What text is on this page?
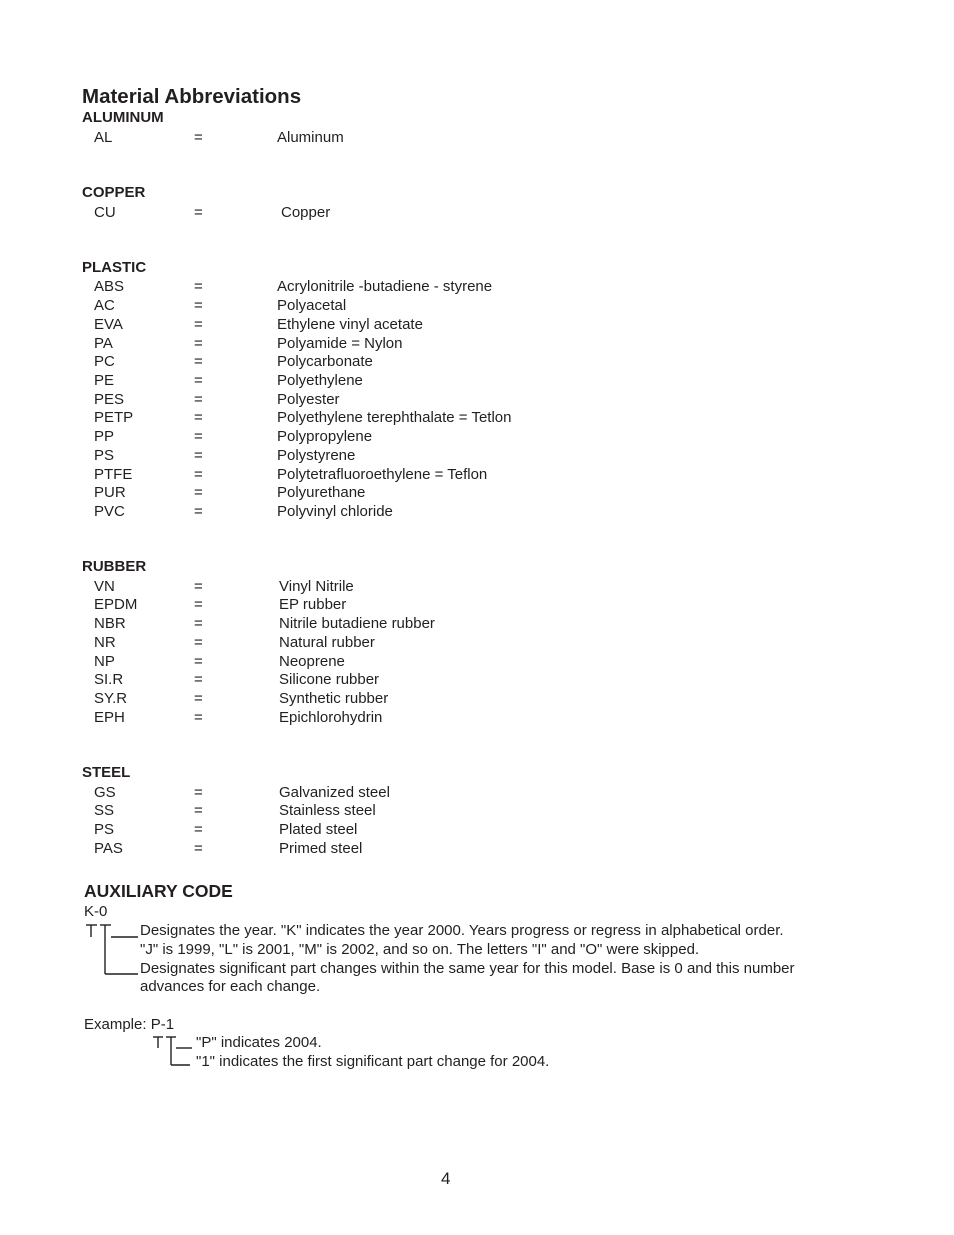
Material Abbreviations
ALUMINUM
AL	=	Aluminum
COPPER
CU	=	Copper
PLASTIC
ABS	=	Acrylonitrile -butadiene - styrene
AC	=	Polyacetal
EVA	=	Ethylene vinyl acetate
PA	=	Polyamide = Nylon
PC	=	Polycarbonate
PE	=	Polyethylene
PES	=	Polyester
PETP	=	Polyethylene terephthalate = Tetlon
PP	=	Polypropylene
PS	=	Polystyrene
PTFE	=	Polytetrafluoroethylene = Teflon
PUR	=	Polyurethane
PVC	=	Polyvinyl chloride
RUBBER
VN	=	Vinyl Nitrile
EPDM	=	EP rubber
NBR	=	Nitrile butadiene rubber
NR	=	Natural rubber
NP	=	Neoprene
SI.R	=	Silicone rubber
SY.R	=	Synthetic rubber
EPH	=	Epichlorohydrin
STEEL
GS	=	Galvanized steel
SS	=	Stainless steel
PS	=	Plated steel
PAS	=	Primed steel
AUXILIARY CODE
K-0
Designates the year. "K" indicates the year 2000. Years progress or regress in alphabetical order.
"J" is 1999, "L" is 2001, "M" is 2002, and so on. The letters "I" and "O" were skipped.
Designates significant part changes within the same year for this model. Base is 0 and this number
advances for each change.
Example: P-1
"P" indicates 2004.
"1" indicates the first significant part change for 2004.
4
